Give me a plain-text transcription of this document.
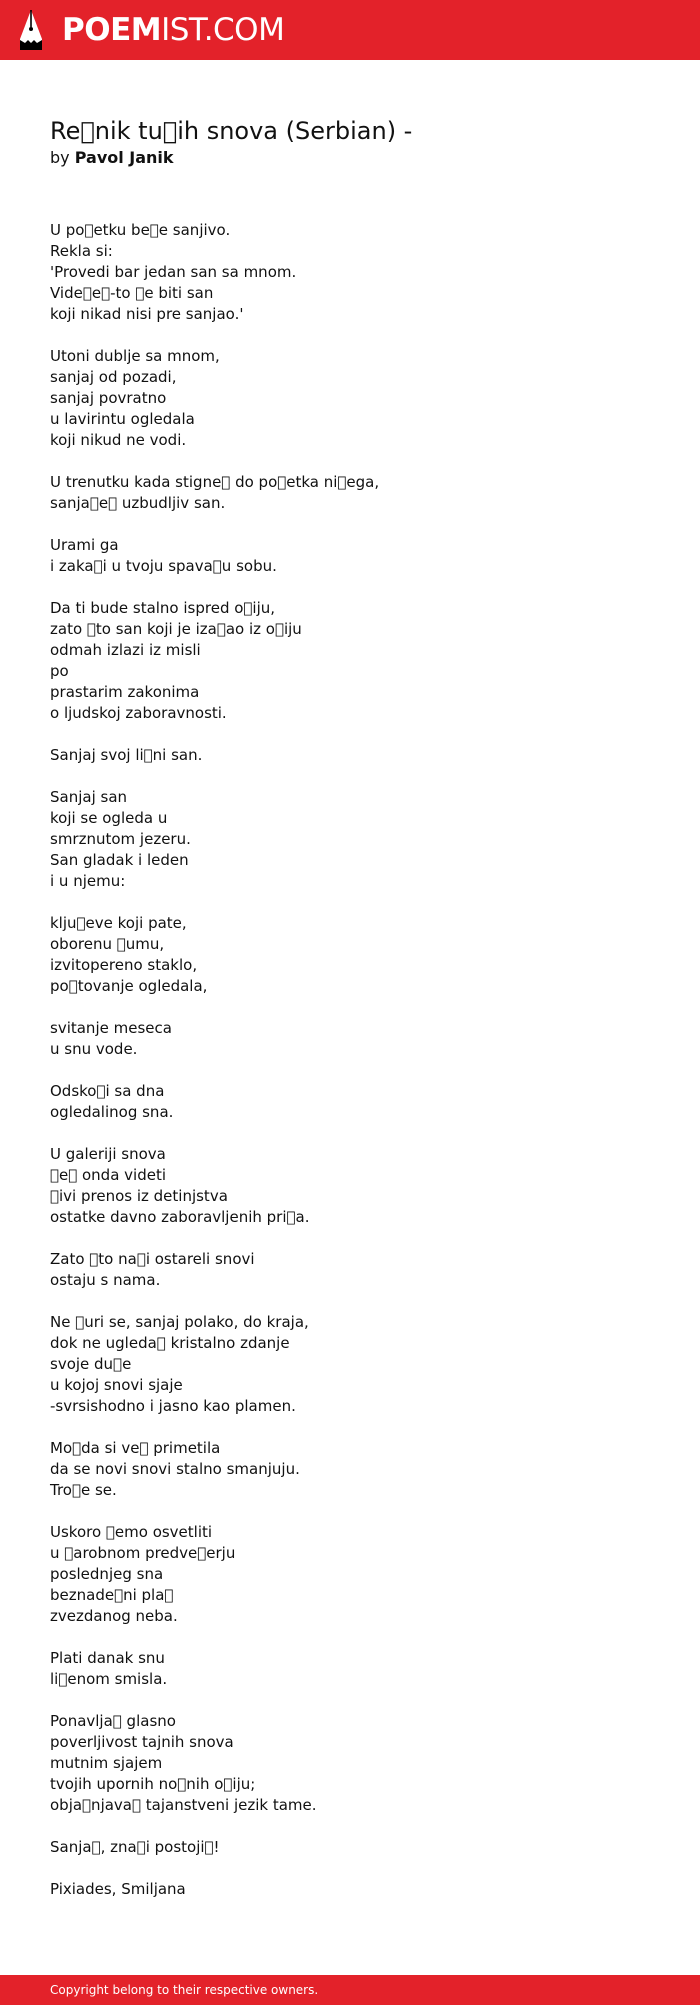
POEMIST.COM
Re nik tu ih snova (Serbian) -

by Pavol Janik

U po etku be e sanjivo.
Rekla si:
'Provedi bar jedan san sa mnom.
Vide e -to  e biti san
koji nikad nisi pre sanjao.'

Utoni dublje sa mnom,
sanjaj od pozadi,
sanjaj povratno
u lavirintu ogledala
koji nikud ne vodi.

U trenutku kada stigne  do po etka ni ega,
sanja e  uzbudljiv san.

Urami ga
i zaka i u tvoju spava u sobu.

Da ti bude stalno ispred o iju,
zato  to san koji je iza ao iz o iju
odmah izlazi iz misli
po
prastarim zakonima
o ljudskoj zaboravnosti.

Sanjaj svoj li ni san.

Sanjaj san
koji se ogleda u
smrznutom jezeru.
San gladak i leden
i u njemu:

klju eve koji pate,
oborenu  umu,
izvitopereno staklo,
po tovanje ogledala,

svitanje meseca
u snu vode.

Odsko i sa dna
ogledalinog sna.

U galeriji snova
 e  onda videti
 ivi prenos iz detinjstva
ostatke davno zaboravljenih pri a.

Zato  to na i ostareli snovi
ostaju s nama.

Ne  uri se, sanjaj polako, do kraja,
dok ne ugleda  kristalno zdanje
svoje du e
u kojoj snovi sjaje
-svrsishodno i jasno kao plamen.

Mo da si ve  primetila
da se novi snovi stalno smanjuju.
Tro e se.

Uskoro  emo osvetliti
u  arobnom predve erju
poslednjeg sna
beznade ni pla 
zvezdanog neba.

Plati danak snu
li enom smisla.

Ponavlja  glasno
poverljivost tajnih snova
mutnim sjajem
tvojih upornih no nih o iju;
obja njava  tajanstveni jezik tame.

Sanja , zna i postoji !

Pixiades, Smiljana
Copyright belong to their respective owners.
